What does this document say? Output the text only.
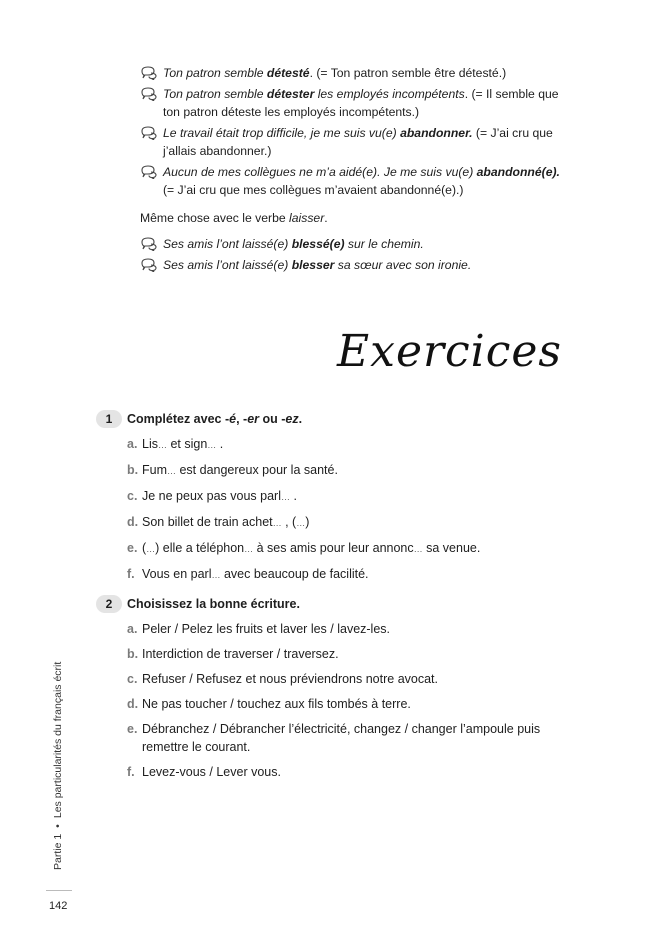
Ton patron semble détesté. (= Ton patron semble être détesté.)
Ton patron semble détester les employés incompétents. (= Il semble que ton patron déteste les employés incompétents.)
Le travail était trop difficile, je me suis vu(e) abandonner. (= J’ai cru que j’allais abandonner.)
Aucun de mes collègues ne m’a aidé(e). Je me suis vu(e) abandonné(e). (= J’ai cru que mes collègues m’avaient abandonné(e).)
Même chose avec le verbe laisser.
Ses amis l’ont laissé(e) blessé(e) sur le chemin.
Ses amis l’ont laissé(e) blesser sa sœur avec son ironie.
Exercices
1	Complétez avec -é, -er ou -ez.
a. Lis… et sign… .
b. Fum… est dangereux pour la santé.
c. Je ne peux pas vous parl… .
d. Son billet de train achet… , (…)
e. (…) elle a téléphon… à ses amis pour leur annonc… sa venue.
f. Vous en parl… avec beaucoup de facilité.
2	Choisissez la bonne écriture.
a. Peler / Pelez les fruits et laver les / lavez-les.
b. Interdiction de traverser / traversez.
c. Refuser / Refusez et nous préviendrons notre avocat.
d. Ne pas toucher / touchez aux fils tombés à terre.
e. Débranchez / Débrancher l’électricité, changez / changer l’ampoule puis remettre le courant.
f. Levez-vous / Lever vous.
Partie 1•Les particularités du français écrit
142
